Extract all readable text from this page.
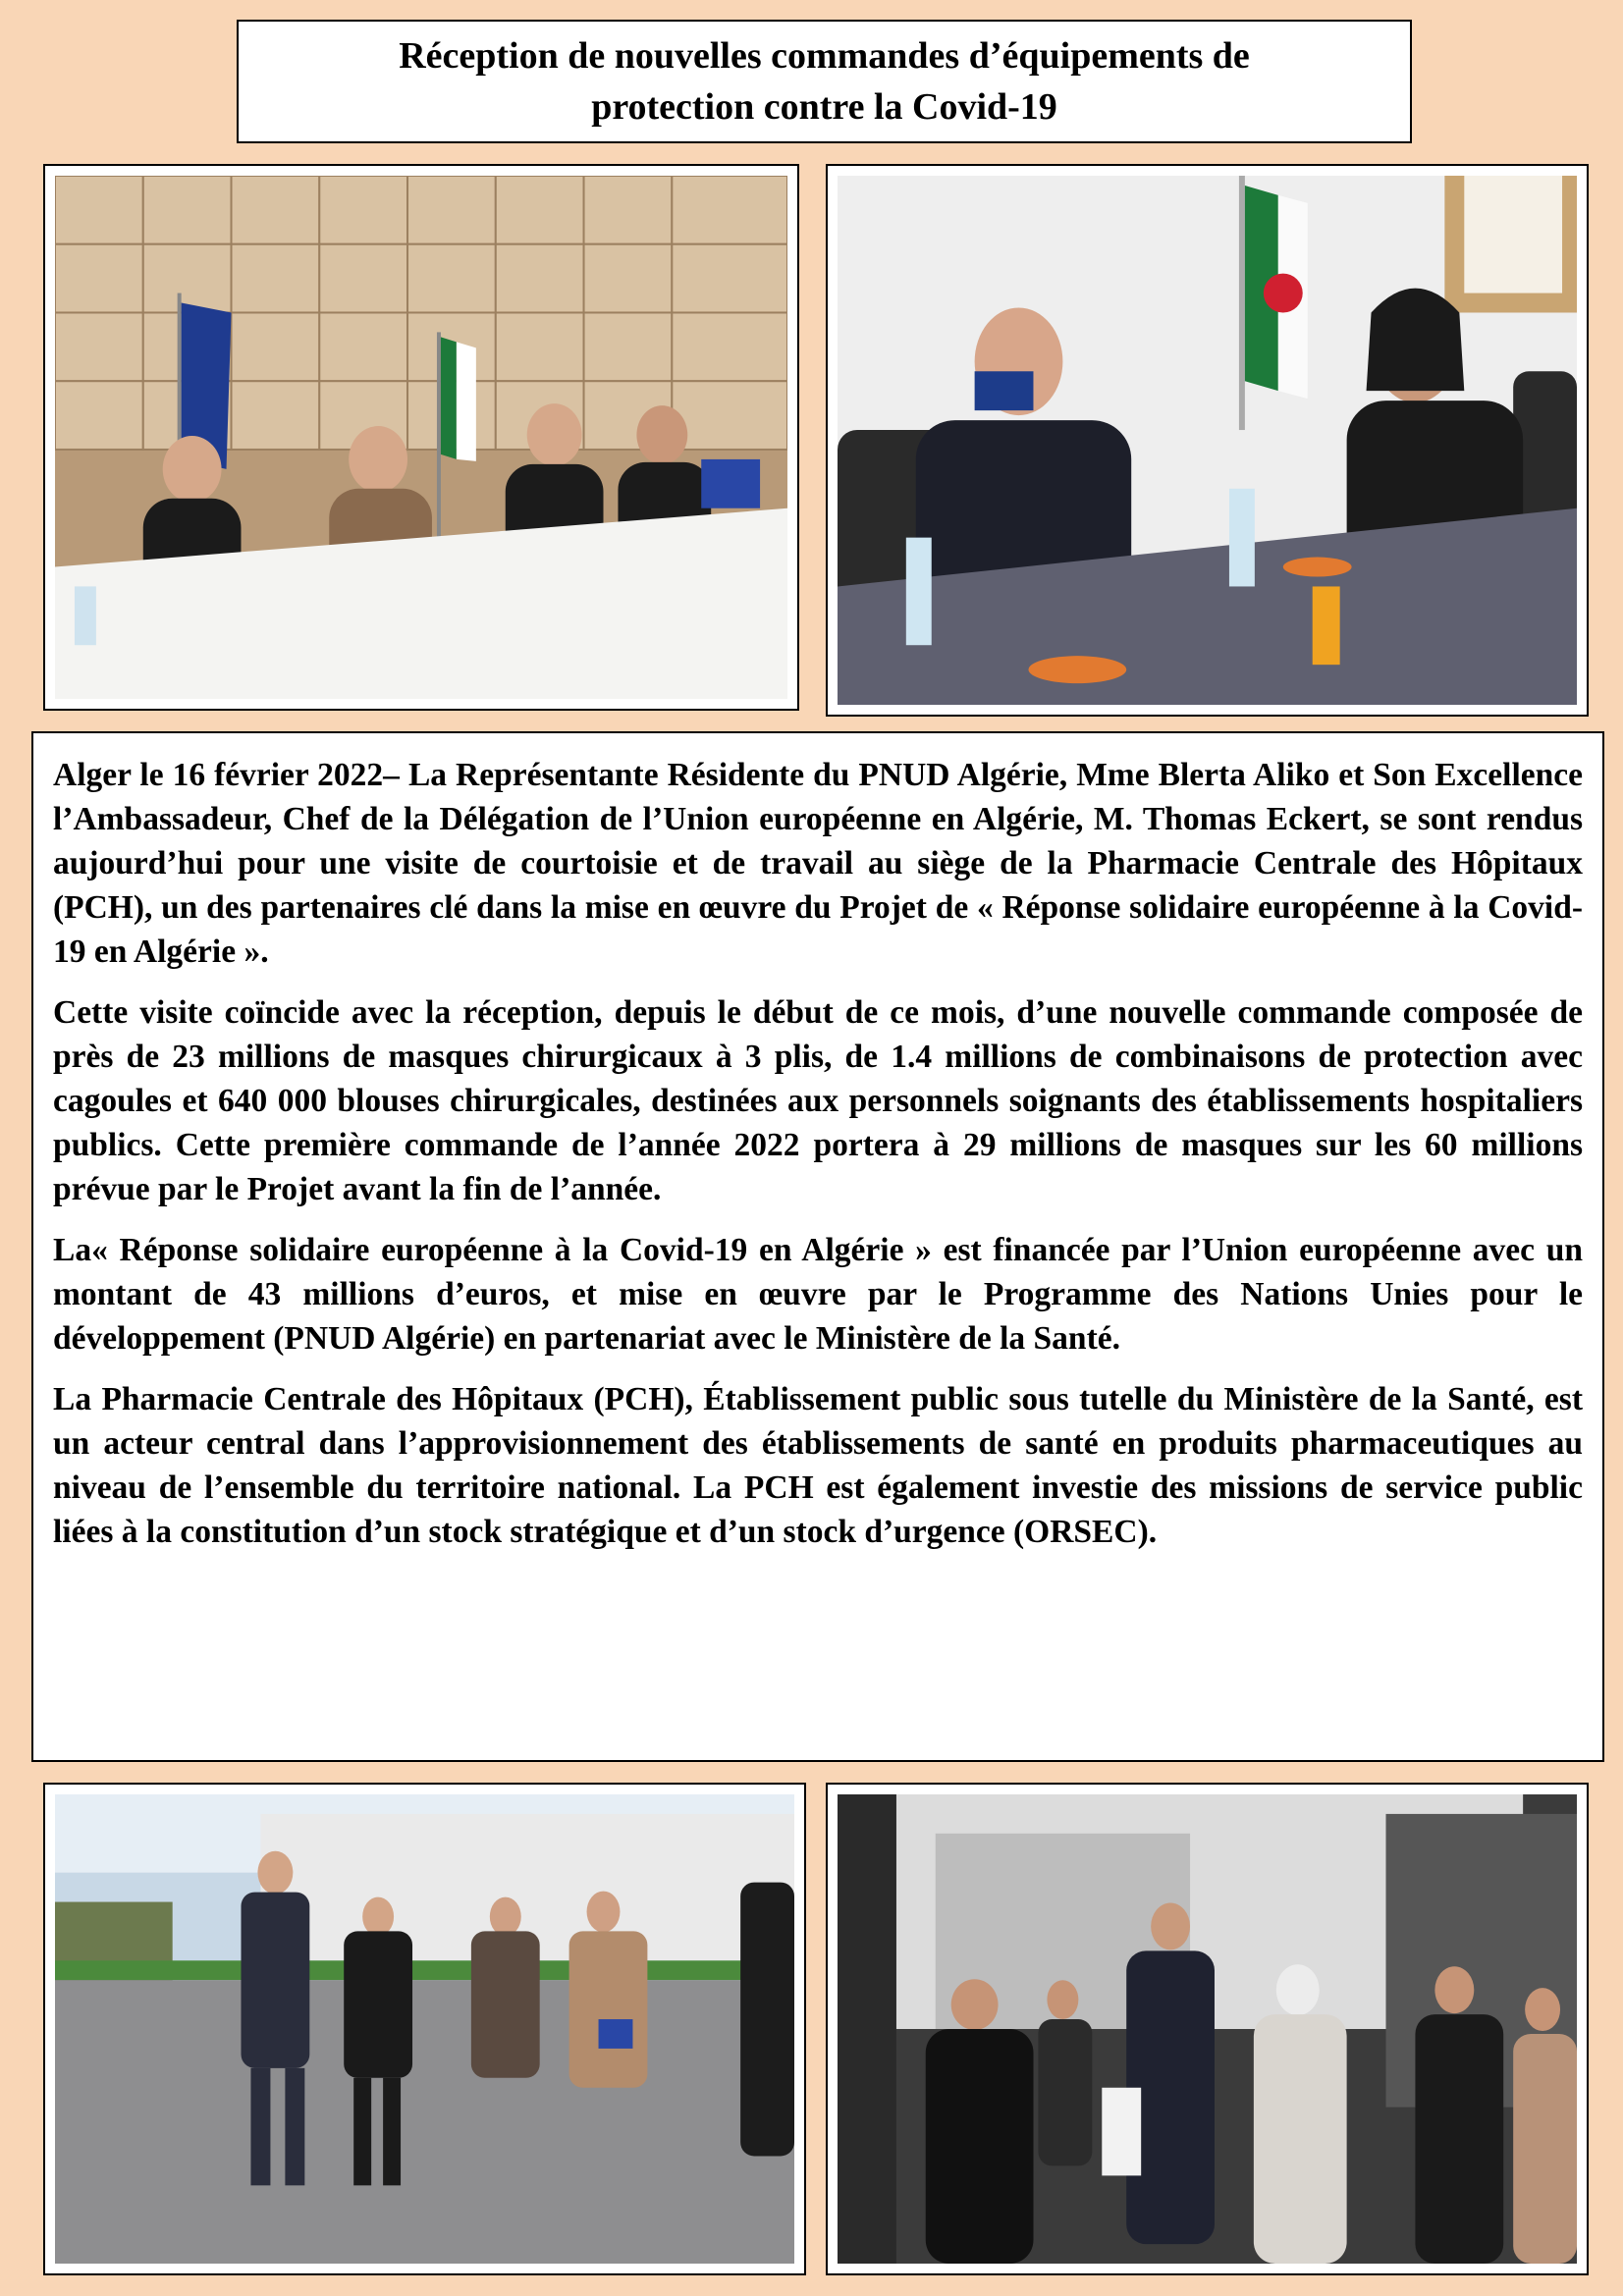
Réception de nouvelles commandes d’équipements de
protection contre la Covid-19

Alger le 16 février 2022– La Représentante Résidente du PNUD Algérie, Mme Blerta Aliko et Son Excellence l’Ambassadeur, Chef de la Délégation de l’Union européenne en Algérie, M. Thomas Eckert, se sont rendus aujourd’hui pour une visite de courtoisie et de travail au siège de la Pharmacie Centrale des Hôpitaux (PCH), un des partenaires clé dans la mise en œuvre du Projet de « Réponse solidaire européenne à la Covid-19 en Algérie ».

Cette visite coïncide avec la réception, depuis le début de ce mois, d’une nouvelle commande composée de près de 23 millions de masques chirurgicaux à 3 plis, de 1.4 millions de combinaisons de protection avec cagoules et 640 000 blouses chirurgicales, destinées aux personnels soignants des établissements hospitaliers publics. Cette première commande de l’année 2022 portera à 29 millions de masques sur les 60 millions prévue par le Projet avant la fin de l’année.

La« Réponse solidaire européenne à la Covid-19 en Algérie » est financée par l’Union européenne avec un montant de 43 millions d’euros, et mise en œuvre par le Programme des Nations Unies pour le développement (PNUD Algérie) en partenariat avec le Ministère de la Santé.

La Pharmacie Centrale des Hôpitaux (PCH), Établissement public sous tutelle du Ministère de la Santé, est un acteur central dans l’approvisionnement des établissements de santé en produits pharmaceutiques au niveau de l’ensemble du territoire national. La PCH est également investie des missions de service public liées à la constitution d’un stock stratégique et d’un stock d’urgence (ORSEC).
